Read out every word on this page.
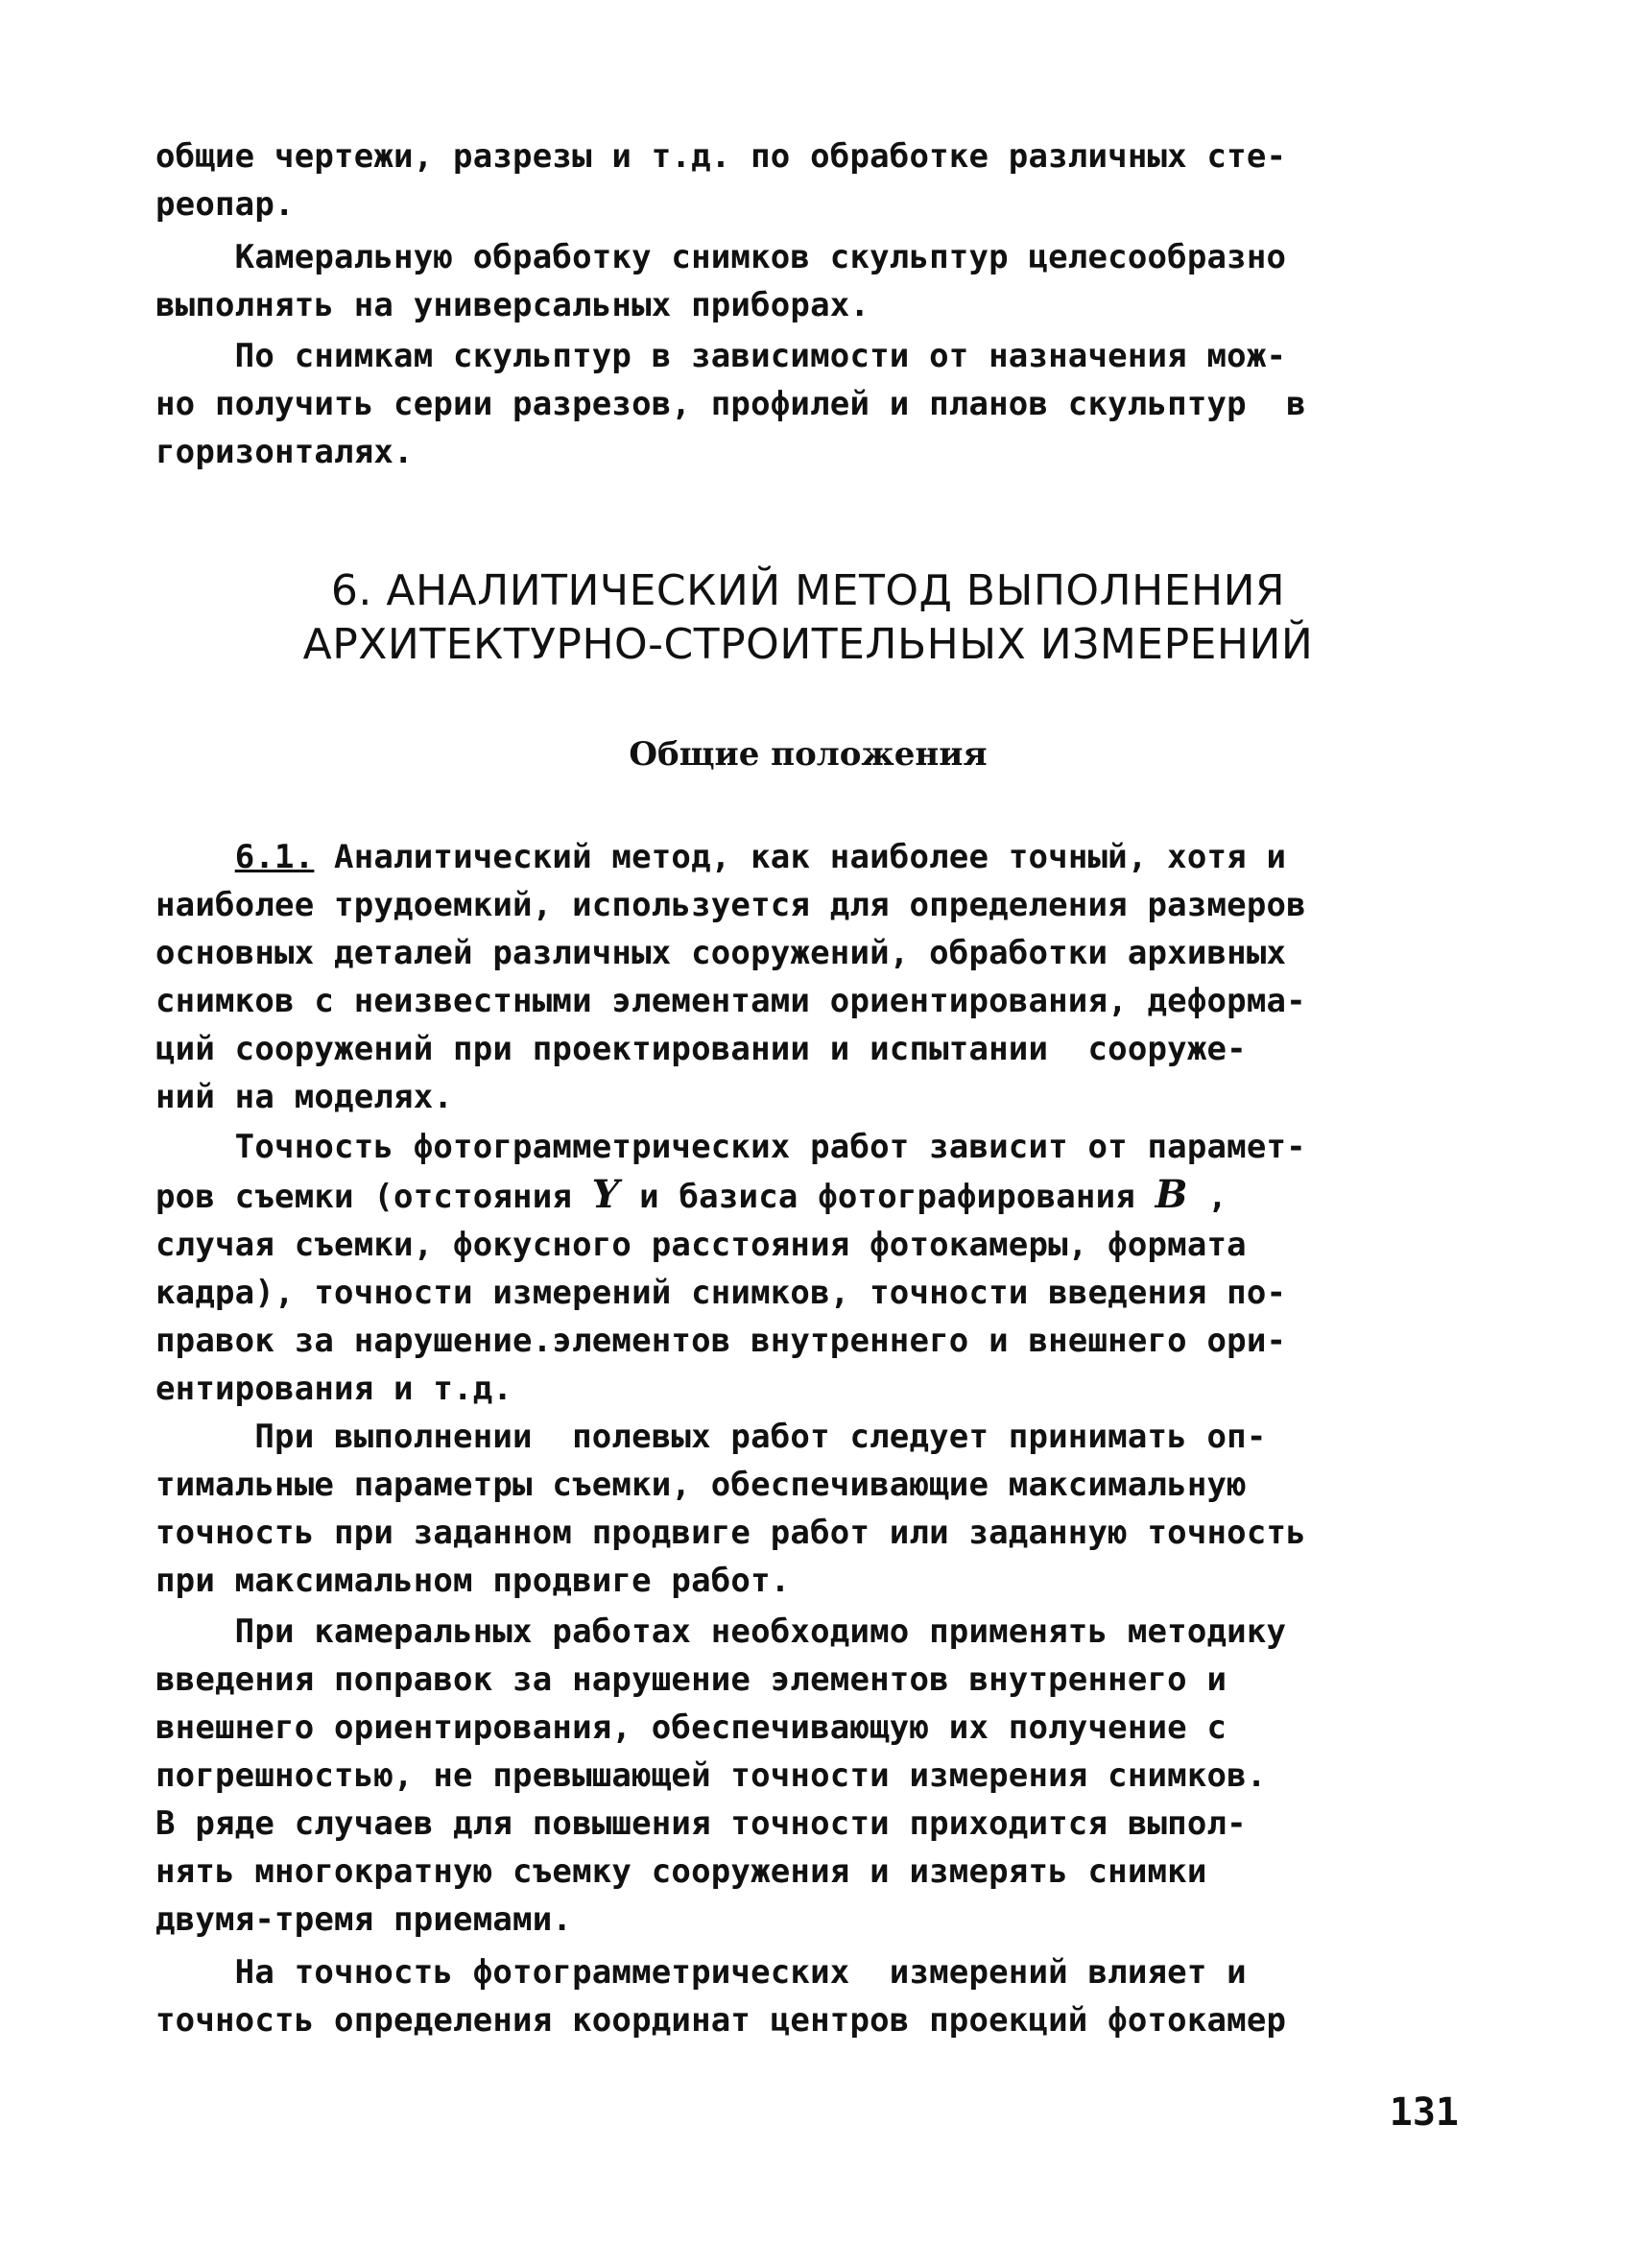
общие чертежи, разрезы и т.д. по обработке различных сте-
реопар.
Камеральную обработку снимков скульптур целесообразно
выполнять на универсальных приборах.
По снимкам скульптур в зависимости от назначения мож-
но получить серии разрезов, профилей и планов скульптур  в
горизонталях.
6. АНАЛИТИЧЕСКИЙ МЕТОД ВЫПОЛНЕНИЯ
АРХИТЕКТУРНО-СТРОИТЕЛЬНЫХ ИЗМЕРЕНИЙ
Общие положения
6.1. Аналитический метод, как наиболее точный, хотя и
наиболее трудоемкий, используется для определения размеров
основных деталей различных сооружений, обработки архивных
снимков с неизвестными элементами ориентирования, деформа-
ций сооружений при проектировании и испытании  сооруже-
ний на моделях.
Точность фотограмметрических работ зависит от парамет-
ров съемки (отстояния Y и базиса фотографирования B ,
случая съемки, фокусного расстояния фотокамеры, формата
кадра), точности измерений снимков, точности введения по-
правок за нарушение.элементов внутреннего и внешнего ори-
ентирования и т.д.
При выполнении  полевых работ следует принимать оп-
тимальные параметры съемки, обеспечивающие максимальную
точность при заданном продвиге работ или заданную точность
при максимальном продвиге работ.
При камеральных работах необходимо применять методику
введения поправок за нарушение элементов внутреннего и
внешнего ориентирования, обеспечивающую их получение с
погрешностью, не превышающей точности измерения снимков.
В ряде случаев для повышения точности приходится выпол-
нять многократную съемку сооружения и измерять снимки
двумя-тремя приемами.
На точность фотограмметрических  измерений влияет и
точность определения координат центров проекций фотокамер
131
